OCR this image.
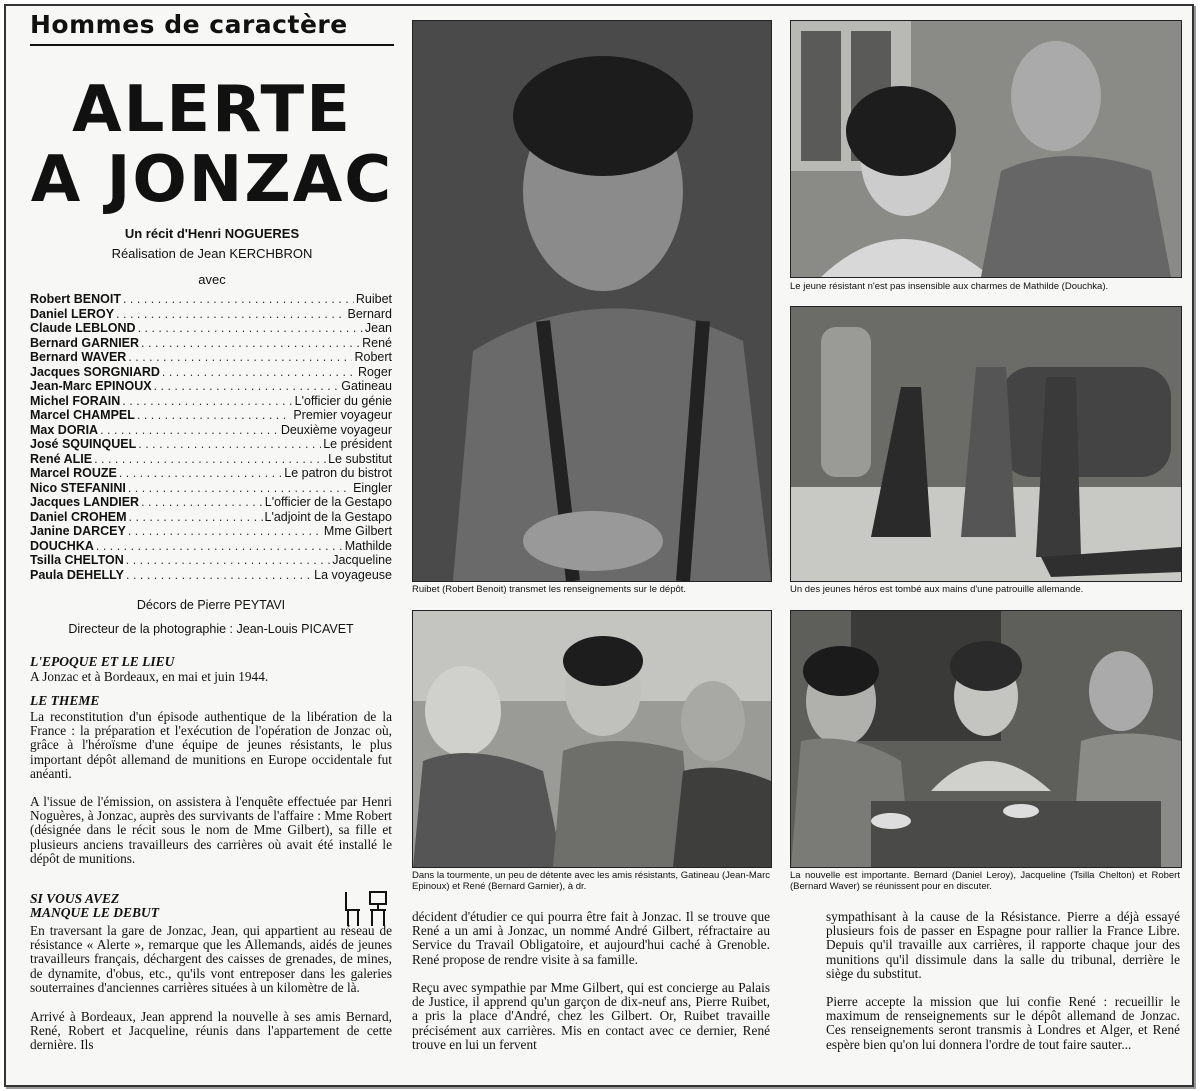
Hommes de caractère
ALERTE
A JONZAC
Un récit d'Henri NOGUERES
Réalisation de Jean KERCHBRON
avec
Robert BENOIT . . .	Ruibet
Daniel LEROY . . .	Bernard
Claude LEBLOND . . .	Jean
Bernard GARNIER . . .	René
Bernard WAVER . . .	Robert
Jacques SORGNIARD . . .	Roger
Jean-Marc EPINOUX . . .	Gatineau
Michel FORAIN . . .	L'officier du génie
Marcel CHAMPEL . . .	Premier voyageur
Max DORIA . . .	Deuxième voyageur
José SQUINQUEL . . .	Le président
René ALIE . . .	Le substitut
Marcel ROUZE . . .	Le patron du bistrot
Nico STEFANINI . . .	Eingler
Jacques LANDIER . . .	L'officier de la Gestapo
Daniel CROHEM . . .	L'adjoint de la Gestapo
Janine DARCEY . . .	Mme Gilbert
DOUCHKA . . .	Mathilde
Tsilla CHELTON . . .	Jacqueline
Paula DEHELLY . . .	La voyageuse
Décors de Pierre PEYTAVI
Directeur de la photographie : Jean-Louis PICAVET
L'EPOQUE ET LE LIEU
A Jonzac et à Bordeaux, en mai et juin 1944.
LE THEME
La reconstitution d'un épisode authentique de la libération de la France : la préparation et l'exécution de l'opération de Jonzac où, grâce à l'héroïsme d'une équipe de jeunes résistants, le plus important dépôt allemand de munitions en Europe occidentale fut anéanti.
A l'issue de l'émission, on assistera à l'enquête effectuée par Henri Noguères, à Jonzac, auprès des survivants de l'affaire : Mme Robert (désignée dans le récit sous le nom de Mme Gilbert), sa fille et plusieurs anciens travailleurs des carrières où avait été installé le dépôt de munitions.
SI VOUS AVEZ
MANQUE LE DEBUT
En traversant la gare de Jonzac, Jean, qui appartient au réseau de résistance « Alerte », remarque que les Allemands, aidés de jeunes travailleurs français, déchargent des caisses de grenades, de mines, de dynamite, d'obus, etc., qu'ils vont entreposer dans les galeries souterraines d'anciennes carrières situées à un kilomètre de là.
Arrivé à Bordeaux, Jean apprend la nouvelle à ses amis Bernard, René, Robert et Jacqueline, réunis dans l'appartement de cette dernière. Ils
Ruibet (Robert Benoit) transmet les renseignements sur le dépôt.
Le jeune résistant n'est pas insensible aux charmes de Mathilde (Douchka).
Un des jeunes héros est tombé aux mains d'une patrouille allemande.
Dans la tourmente, un peu de détente avec les amis résistants, Gatineau (Jean-Marc Epinoux) et René (Bernard Garnier), à dr.
La nouvelle est importante. Bernard (Daniel Leroy), Jacqueline (Tsilla Chelton) et Robert (Bernard Waver) se réunissent pour en discuter.
décident d'étudier ce qui pourra être fait à Jonzac. Il se trouve que René a un ami à Jonzac, un nommé André Gilbert, réfractaire au Service du Travail Obligatoire, et aujourd'hui caché à Grenoble. René propose de rendre visite à sa famille.
Reçu avec sympathie par Mme Gilbert, qui est concierge au Palais de Justice, il apprend qu'un garçon de dix-neuf ans, Pierre Ruibet, a pris la place d'André, chez les Gilbert. Or, Ruibet travaille précisément aux carrières. Mis en contact avec ce dernier, René trouve en lui un fervent
sympathisant à la cause de la Résistance. Pierre a déjà essayé plusieurs fois de passer en Espagne pour rallier la France Libre. Depuis qu'il travaille aux carrières, il rapporte chaque jour des munitions qu'il dissimule dans la salle du tribunal, derrière le siège du substitut.
Pierre accepte la mission que lui confie René : recueillir le maximum de renseignements sur le dépôt allemand de Jonzac. Ces renseignements seront transmis à Londres et Alger, et René espère bien qu'on lui donnera l'ordre de tout faire sauter...
